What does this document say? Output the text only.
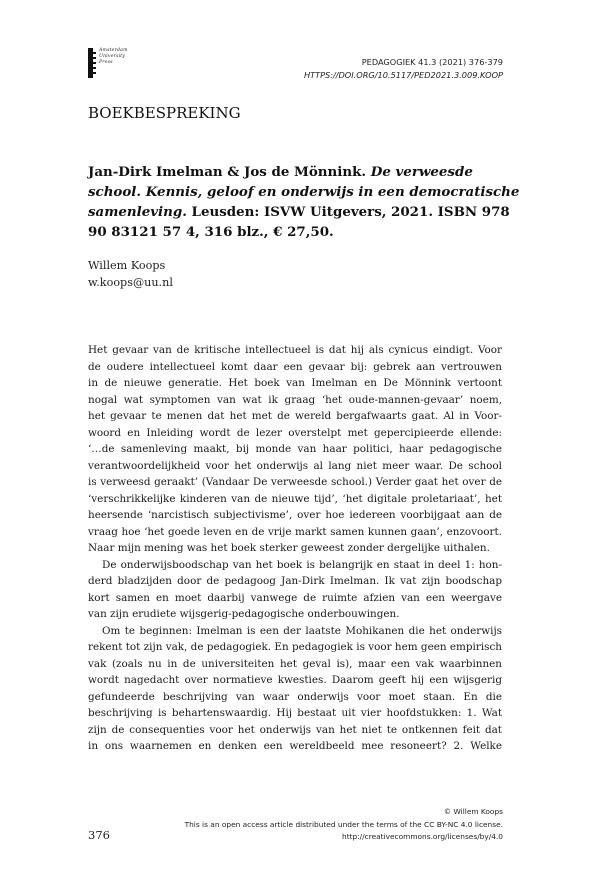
Amsterdam
University
Press	PEDAGOGIEK 41.3 (2021) 376-379
HTTPS://DOI.ORG/10.5117/PED2021.3.009.KOOP
BOEKBESPREKING
Jan-Dirk Imelman & Jos de Mönnink. De verweesde school. Kennis, geloof en onderwijs in een democratische samenleving. Leusden: ISVW Uitgevers, 2021. ISBN 978 90 83121 57 4, 316 blz., € 27,50.
Willem Koops
w.koops@uu.nl
Het gevaar van de kritische intellectueel is dat hij als cynicus eindigt. Voor
de oudere intellectueel komt daar een gevaar bij: gebrek aan vertrouwen
in de nieuwe generatie. Het boek van Imelman en De Mönnink vertoont
nogal wat symptomen van wat ik graag ‘het oude-mannen-gevaar’ noem,
het gevaar te menen dat het met de wereld bergafwaarts gaat. Al in Voor-
woord en Inleiding wordt de lezer overstelpt met gepercipieerde ellende:
‘…de samenleving maakt, bij monde van haar politici, haar pedagogische
verantwoordelijkheid voor het onderwijs al lang niet meer waar. De school
is verweesd geraakt’ (Vandaar De verweesde school.) Verder gaat het over de
‘verschrikkelijke kinderen van de nieuwe tijd’, ‘het digitale proletariaat’, het
heersende ‘narcistisch subjectivisme’, over hoe iedereen voorbijgaat aan de
vraag hoe ‘het goede leven en de vrije markt samen kunnen gaan’, enzovoort.
Naar mijn mening was het boek sterker geweest zonder dergelijke uithalen.
De onderwijsboodschap van het boek is belangrijk en staat in deel 1: hon-
derd bladzijden door de pedagoog Jan-Dirk Imelman. Ik vat zijn boodschap
kort samen en moet daarbij vanwege de ruimte afzien van een weergave
van zijn erudiete wijsgerig-pedagogische onderbouwingen.
Om te beginnen: Imelman is een der laatste Mohikanen die het onderwijs
rekent tot zijn vak, de pedagogiek. En pedagogiek is voor hem geen empirisch
vak (zoals nu in de universiteiten het geval is), maar een vak waarbinnen
wordt nagedacht over normatieve kwesties. Daarom geeft hij een wijsgerig
gefundeerde beschrijving van waar onderwijs voor moet staan. En die
beschrijving is behartenswaardig. Hij bestaat uit vier hoofdstukken: 1. Wat
zijn de consequenties voor het onderwijs van het niet te ontkennen feit dat
in ons waarnemen en denken een wereldbeeld mee resoneert? 2. Welke
© Willem Koops
This is an open access article distributed under the terms of the CC BY-NC 4.0 license.
http://creativecommons.org/licenses/by/4.0
376
